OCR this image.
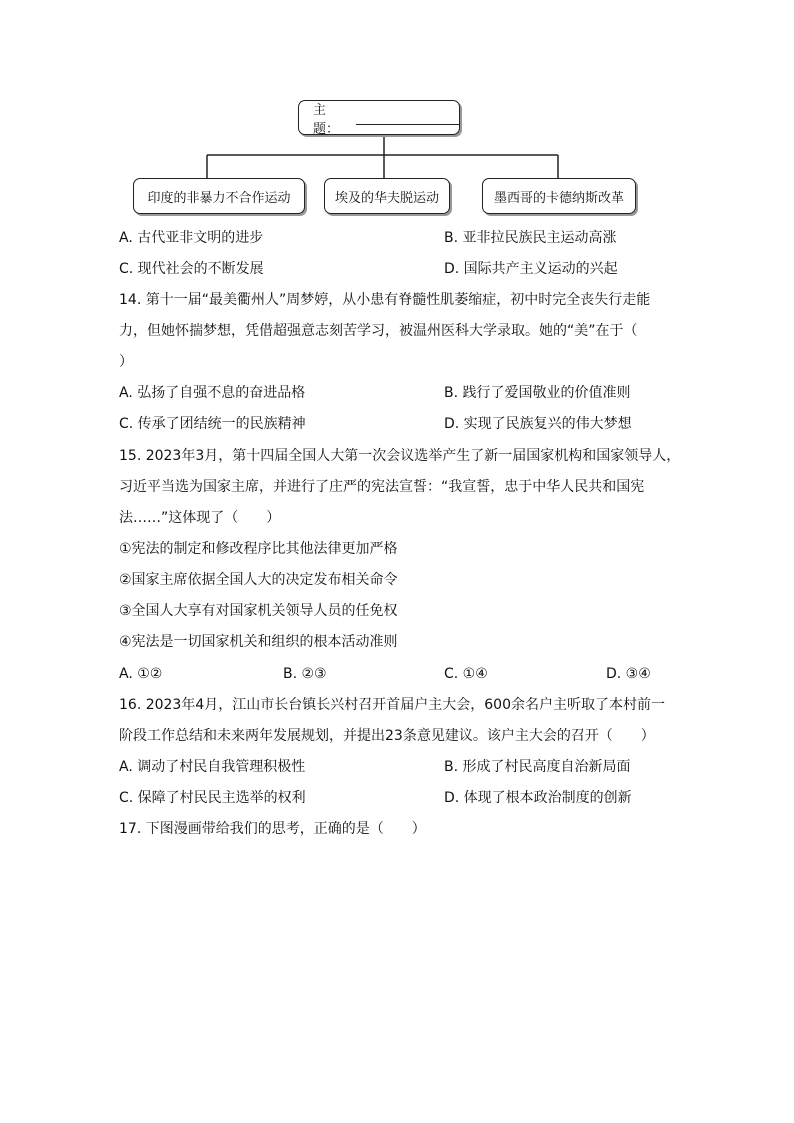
主题：
印度的非暴力不合作运动	埃及的华夫脱运动	墨西哥的卡德纳斯改革
A. 古代亚非文明的进步	B. 亚非拉民族民主运动高涨
C. 现代社会的不断发展	D. 国际共产主义运动的兴起
14. 第十一届“最美衢州人”周梦婷，从小患有脊髓性肌萎缩症，初中时完全丧失行走能
力，但她怀揣梦想，凭借超强意志刻苦学习，被温州医科大学录取。她的“美”在于（
）
A. 弘扬了自强不息的奋进品格	B. 践行了爱国敬业的价值准则
C. 传承了团结统一的民族精神	D. 实现了民族复兴的伟大梦想
15. 2023年3月，第十四届全国人大第一次会议选举产生了新一届国家机构和国家领导人，
习近平当选为国家主席，并进行了庄严的宪法宣誓：“我宣誓，忠于中华人民共和国宪
法……”这体现了（　　）
①宪法的制定和修改程序比其他法律更加严格
②国家主席依据全国人大的决定发布相关命令
③全国人大享有对国家机关领导人员的任免权
④宪法是一切国家机关和组织的根本活动准则
A. ①②	B. ②③	C. ①④	D. ③④
16. 2023年4月，江山市长台镇长兴村召开首届户主大会，600余名户主听取了本村前一
阶段工作总结和未来两年发展规划，并提出23条意见建议。该户主大会的召开（　　）
A. 调动了村民自我管理积极性	B. 形成了村民高度自治新局面
C. 保障了村民民主选举的权利	D. 体现了根本政治制度的创新
17. 下图漫画带给我们的思考，正确的是（　　）
